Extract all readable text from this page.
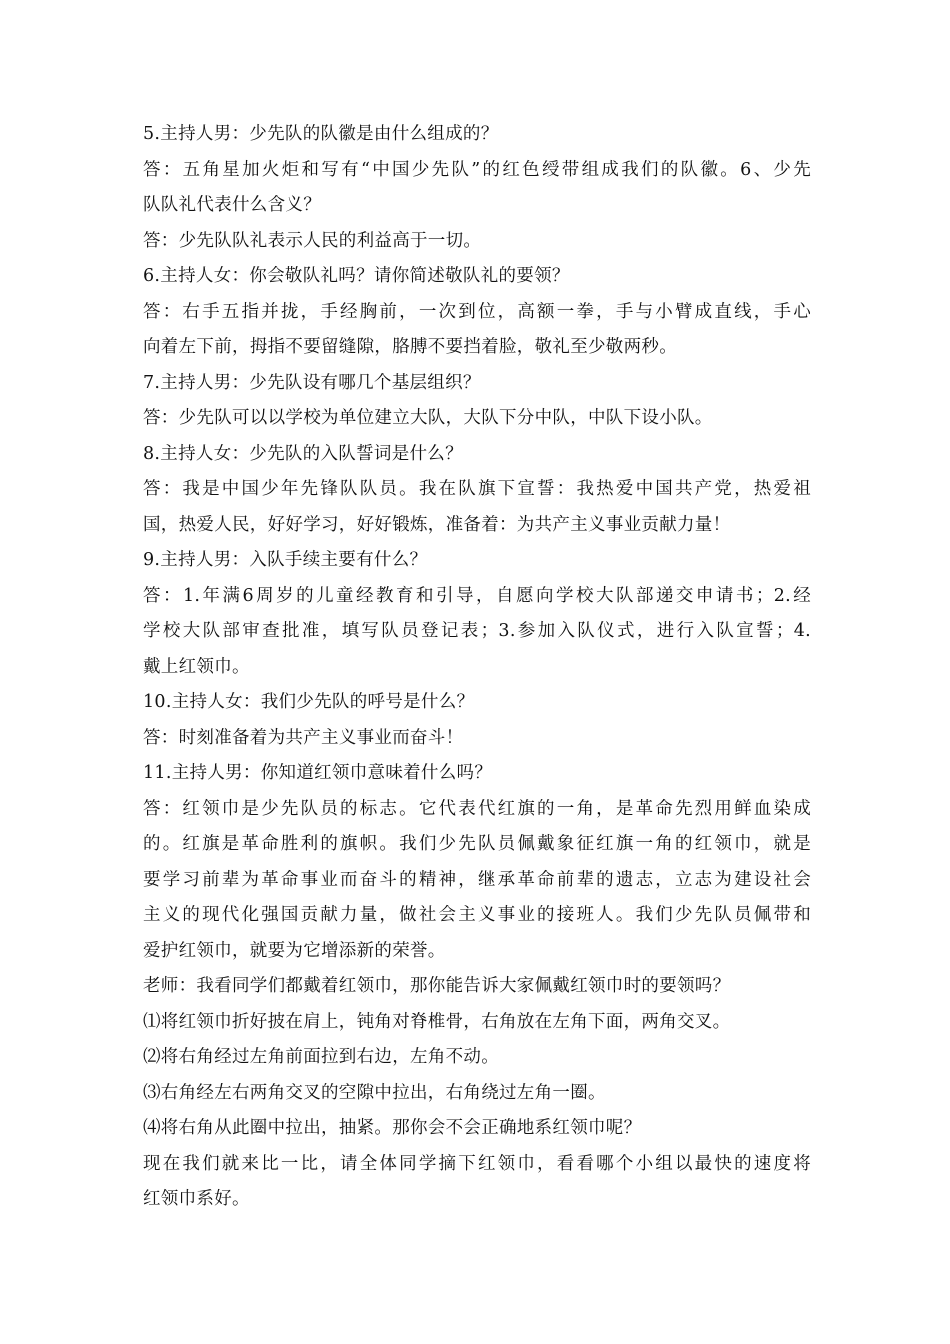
5.主持人男：少先队的队徽是由什么组成的？
答：五角星加火炬和写有“中国少先队”的红色绶带组成我们的队徽。6、少先
队队礼代表什么含义？
答：少先队队礼表示人民的利益高于一切。
6.主持人女：你会敬队礼吗？请你简述敬队礼的要领？
答：右手五指并拢，手经胸前，一次到位，高额一拳，手与小臂成直线，手心
向着左下前，拇指不要留缝隙，胳膊不要挡着脸，敬礼至少敬两秒。
7.主持人男：少先队设有哪几个基层组织？
答：少先队可以以学校为单位建立大队，大队下分中队，中队下设小队。
8.主持人女：少先队的入队誓词是什么？
答：我是中国少年先锋队队员。我在队旗下宣誓：我热爱中国共产党，热爱祖
国，热爱人民，好好学习，好好锻炼，准备着：为共产主义事业贡献力量！
9.主持人男：入队手续主要有什么？
答：1.年满6周岁的儿童经教育和引导，自愿向学校大队部递交申请书；2.经
学校大队部审查批准，填写队员登记表；3.参加入队仪式，进行入队宣誓；4.
戴上红领巾。
10.主持人女：我们少先队的呼号是什么？
答：时刻准备着为共产主义事业而奋斗！
11.主持人男：你知道红领巾意味着什么吗？
答：红领巾是少先队员的标志。它代表代红旗的一角，是革命先烈用鲜血染成
的。红旗是革命胜利的旗帜。我们少先队员佩戴象征红旗一角的红领巾，就是
要学习前辈为革命事业而奋斗的精神，继承革命前辈的遗志，立志为建设社会
主义的现代化强国贡献力量，做社会主义事业的接班人。我们少先队员佩带和
爱护红领巾，就要为它增添新的荣誉。
老师：我看同学们都戴着红领巾，那你能告诉大家佩戴红领巾时的要领吗？
⑴将红领巾折好披在肩上，钝角对脊椎骨，右角放在左角下面，两角交叉。
⑵将右角经过左角前面拉到右边，左角不动。
⑶右角经左右两角交叉的空隙中拉出，右角绕过左角一圈。
⑷将右角从此圈中拉出，抽紧。那你会不会正确地系红领巾呢？
现在我们就来比一比，请全体同学摘下红领巾，看看哪个小组以最快的速度将
红领巾系好。
